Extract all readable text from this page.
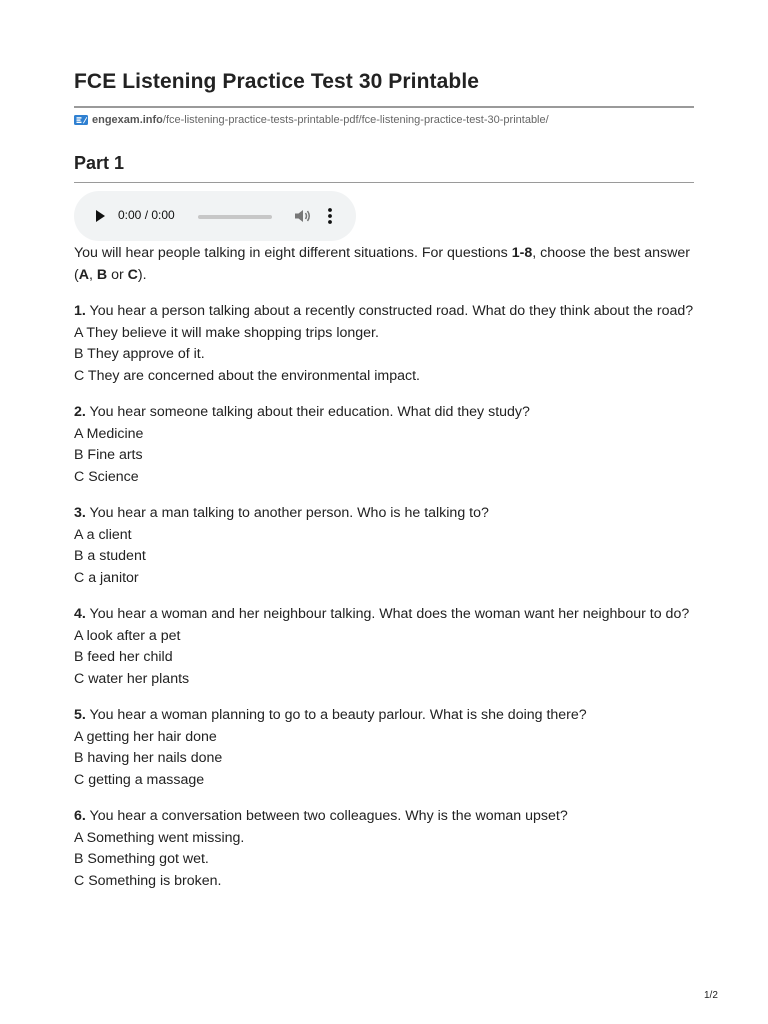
FCE Listening Practice Test 30 Printable
engexam.info /fce-listening-practice-tests-printable-pdf/fce-listening-practice-test-30-printable/
Part 1
0:00 / 0:00

You will hear people talking in eight different situations. For questions 1-8, choose the best answer (A, B or C).

1. You hear a person talking about a recently constructed road. What do they think about the road?

A They believe it will make shopping trips longer.
B They approve of it.
C They are concerned about the environmental impact.

2. You hear someone talking about their education. What did they study?

A Medicine
B Fine arts
C Science

3. You hear a man talking to another person. Who is he talking to?

A a client
B a student
C a janitor

4. You hear a woman and her neighbour talking. What does the woman want her neighbour to do?

A look after a pet
B feed her child
C water her plants

5. You hear a woman planning to go to a beauty parlour. What is she doing there?

A getting her hair done
B having her nails done
C getting a massage

6. You hear a conversation between two colleagues. Why is the woman upset?

A Something went missing.
B Something got wet.
C Something is broken.
1/2
